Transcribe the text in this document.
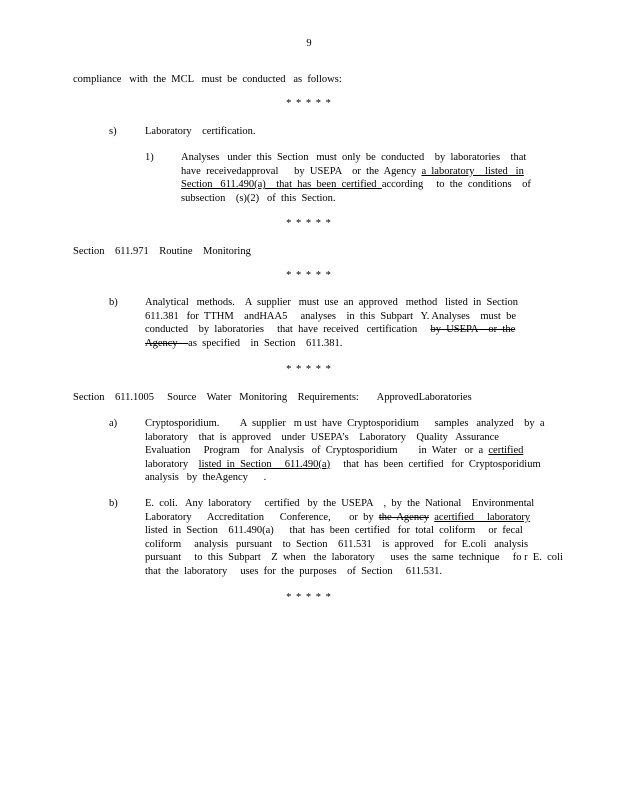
9
compliance   with  the  MCL   must  be  conducted   as  follows:
* * * * *
s)	Laboratory    certification.
1)	Analyses   under  this  Section   must  only  be  conducted    by  laboratories    that
have  receivedapproval      by  USEPA    or  the  Agency  a  laboratory    listed   in
Section   611.490(a)    that  has  been  certified  according     to  the  conditions    of
subsection    (s)(2)   of  this  Section.
* * * * *
Section    611.971    Routine    Monitoring
* * * * *
b)	Analytical   methods.    A  supplier   must  use  an  approved   method   listed  in  Section
611.381   for  TTHM    andHAA5     analyses    in  this  Subpart   Y. Analyses    must  be
conducted    by  laboratories     that  have  received   certification     by  USEPA    or  the
Agency    as  specified    in  Section    611.381.
* * * * *
Section    611.1005     Source    Water   Monitoring    Requirements:       ApprovedLaboratories
a)	Cryptosporidium.        A  supplier   m ust  have  Cryptosporidium      samples   analyzed    by  a
laboratory    that  is  approved    under  USEPA’s    Laboratory    Quality   Assurance
Evaluation     Program    for  Analysis   of  Cryptosporidium        in  Water   or  a  certified
laboratory    listed  in  Section     611.490(a)     that  has  been  certified   for  Cryptosporidium
analysis   by  theAgency      .
b)	E.  coli.   Any  laboratory     certified   by  the  USEPA    ,  by  the  National    Environmental
Laboratory      Accreditation      Conference,       or  by  the  Agency acertified     laboratory
listed  in  Section    611.490(a)      that  has  been  certified   for  total  coliform     or  fecal
coliform     analysis   pursuant    to  Section    611.531    is  approved    for  E.coli   analysis
pursuant     to  this  Subpart    Z  when   the  laboratory      uses  the  same  technique     fo r  E.  coli
that  the  laboratory     uses  for  the  purposes    of  Section     611.531.
* * * * *
